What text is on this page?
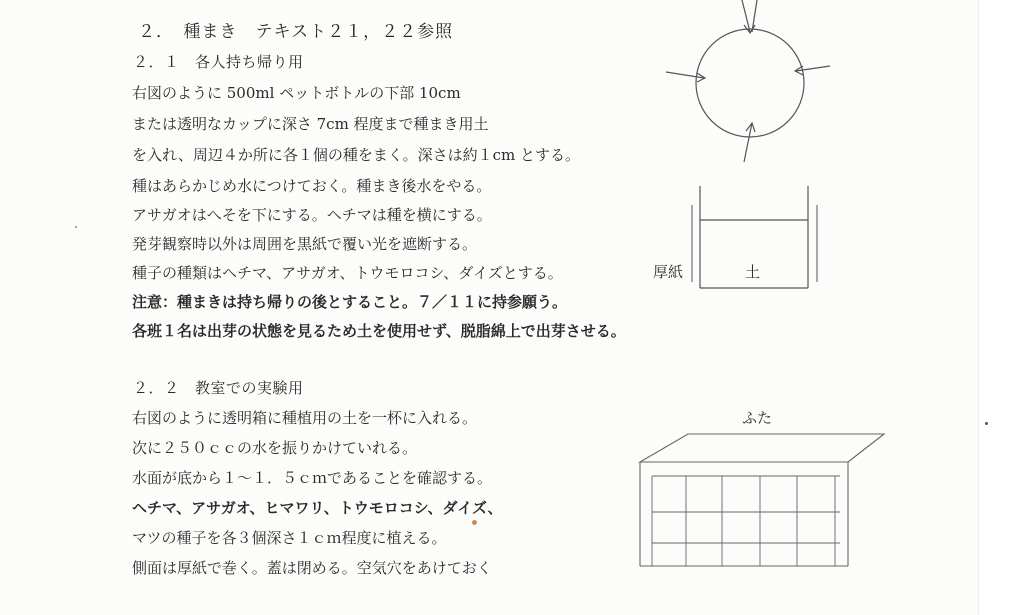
２．　種まき　テキスト２１，２２参照
２．１　各人持ち帰り用
右図のように 500ml ペットボトルの下部 10cm
または透明なカップに深さ 7cm 程度まで種まき用土
を入れ、周辺４か所に各１個の種をまく。深さは約１cm とする。
種はあらかじめ水につけておく。種まき後水をやる。
アサガオはへそを下にする。ヘチマは種を横にする。
発芽観察時以外は周囲を黒紙で覆い光を遮断する。
種子の種類はヘチマ、アサガオ、トウモロコシ、ダイズとする。
注意：種まきは持ち帰りの後とすること。７／１１に持参願う。
各班１名は出芽の状態を見るため土を使用せず、脱脂綿上で出芽させる。
２．２　教室での実験用
右図のように透明箱に種植用の土を一杯に入れる。
次に２５０ｃｃの水を振りかけていれる。
水面が底から１～１．５ｃｍであることを確認する。
ヘチマ、アサガオ、ヒマワリ、トウモロコシ、ダイズ、
マツの種子を各３個深さ１ｃｍ程度に植える。
側面は厚紙で巻く。蓋は閉める。空気穴をあけておく
厚紙	土
ふた
